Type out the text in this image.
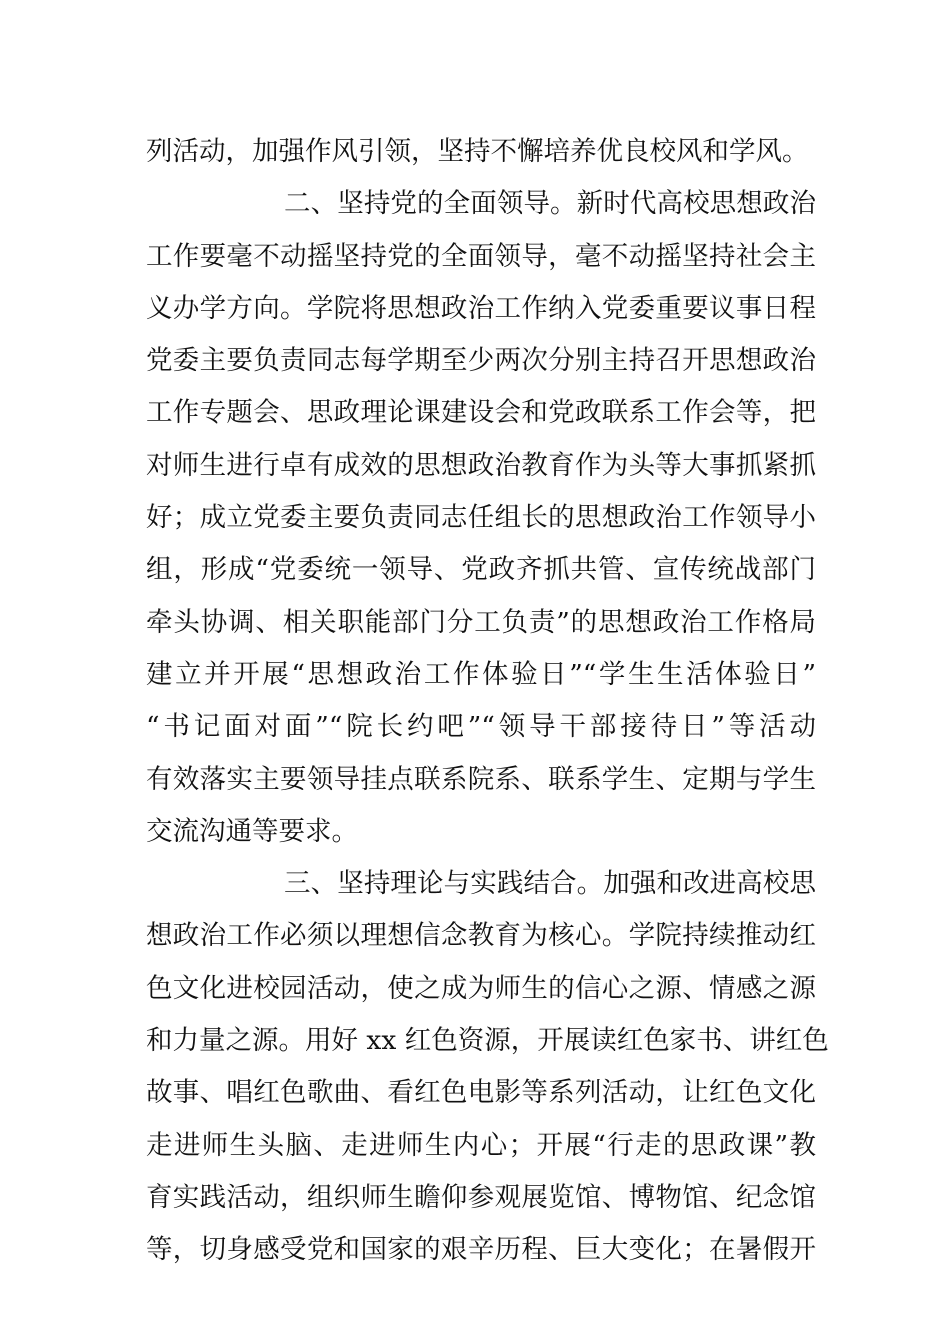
列活动，加强作风引领，坚持不懈培养优良校风和学风。
二、坚持党的全面领导。新时代高校思想政治
工作要毫不动摇坚持党的全面领导，毫不动摇坚持社会主
义办学方向。学院将思想政治工作纳入党委重要议事日程
党委主要负责同志每学期至少两次分别主持召开思想政治
工作专题会、思政理论课建设会和党政联系工作会等，把
对师生进行卓有成效的思想政治教育作为头等大事抓紧抓
好；成立党委主要负责同志任组长的思想政治工作领导小
组，形成“党委统一领导、党政齐抓共管、宣传统战部门
牵头协调、相关职能部门分工负责”的思想政治工作格局
建立并开展“思想政治工作体验日”“学生生活体验日”
“书记面对面”“院长约吧”“领导干部接待日”等活动
有效落实主要领导挂点联系院系、联系学生、定期与学生
交流沟通等要求。
三、坚持理论与实践结合。加强和改进高校思
想政治工作必须以理想信念教育为核心。学院持续推动红
色文化进校园活动，使之成为师生的信心之源、情感之源
和力量之源。用好 xx 红色资源，开展读红色家书、讲红色
故事、唱红色歌曲、看红色电影等系列活动，让红色文化
走进师生头脑、走进师生内心；开展“行走的思政课”教
育实践活动，组织师生瞻仰参观展览馆、博物馆、纪念馆
等，切身感受党和国家的艰辛历程、巨大变化；在暑假开
